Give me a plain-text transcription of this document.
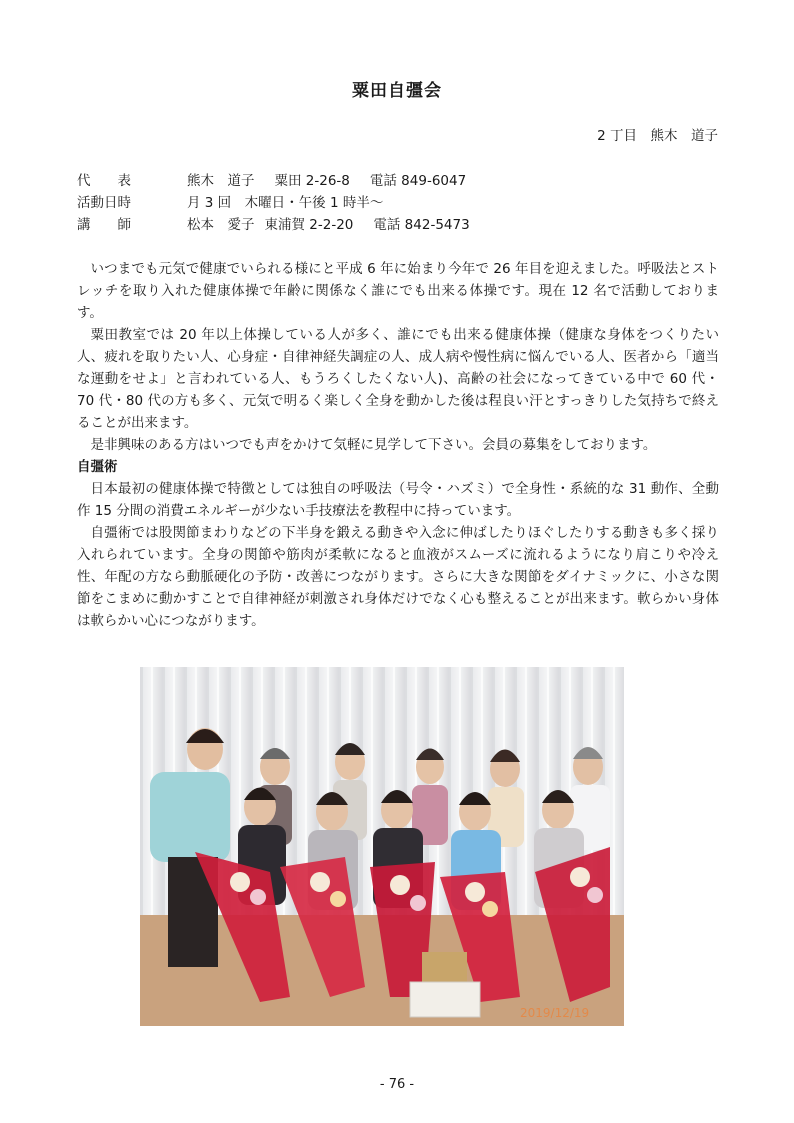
粟田自彊会
2 丁目　熊木　道子
代　　表	熊木　道子 粟田 2-26-8 電話 849-6047
活動日時	月 3 回　木曜日・午後 1 時半～
講　　師	松本　愛子 東浦賀 2-2-20 電話 842-5473

いつまでも元気で健康でいられる様にと平成 6 年に始まり今年で 26 年目を迎えました。呼吸法とストレッチを取り入れた健康体操で年齢に関係なく誰にでも出来る体操です。現在 12 名で活動しております。

粟田教室では 20 年以上体操している人が多く、誰にでも出来る健康体操（健康な身体をつくりたい人、疲れを取りたい人、心身症・自律神経失調症の人、成人病や慢性病に悩んでいる人、医者から「適当な運動をせよ」と言われている人、もうろくしたくない人)、高齢の社会になってきている中で 60 代・70 代・80 代の方も多く、元気で明るく楽しく全身を動かした後は程良い汗とすっきりした気持ちで終えることが出来ます。

是非興味のある方はいつでも声をかけて気軽に見学して下さい。会員の募集をしております。

自彊術

日本最初の健康体操で特徴としては独自の呼吸法（号令・ハズミ）で全身性・系統的な 31 動作、全動作 15 分間の消費エネルギーが少ない手技療法を教程中に持っています。

自彊術では股関節まわりなどの下半身を鍛える動きや入念に伸ばしたりほぐしたりする動きも多く採り入れられています。全身の関節や筋肉が柔軟になると血液がスムーズに流れるようになり肩こりや冷え性、年配の方なら動脈硬化の予防・改善につながります。さらに大きな関節をダイナミックに、小さな関節をこまめに動かすことで自律神経が刺激され身体だけでなく心も整えることが出来ます。軟らかい身体は軟らかい心につながります。

2019/12/19
- 76 -
